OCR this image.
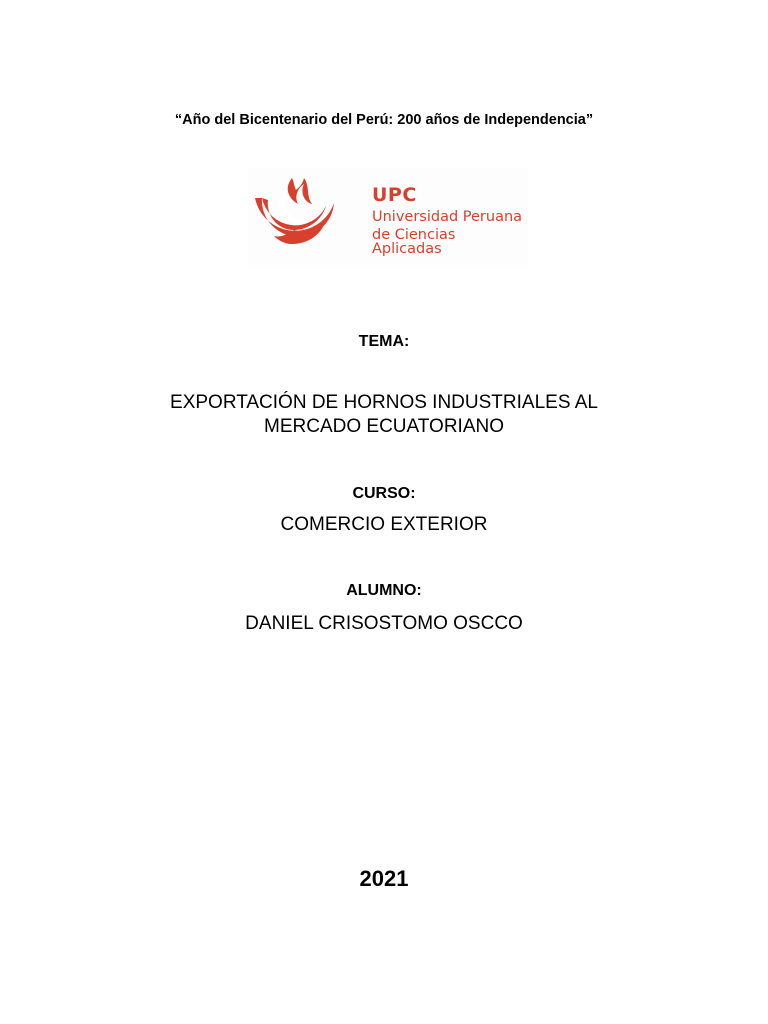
“Año del Bicentenario del Perú: 200 años de Independencia”
UPC
Universidad Peruana
de Ciencias Aplicadas
TEMA:
EXPORTACIÓN DE HORNOS INDUSTRIALES AL
MERCADO ECUATORIANO
CURSO:
COMERCIO EXTERIOR
ALUMNO:
DANIEL CRISOSTOMO OSCCO
2021
